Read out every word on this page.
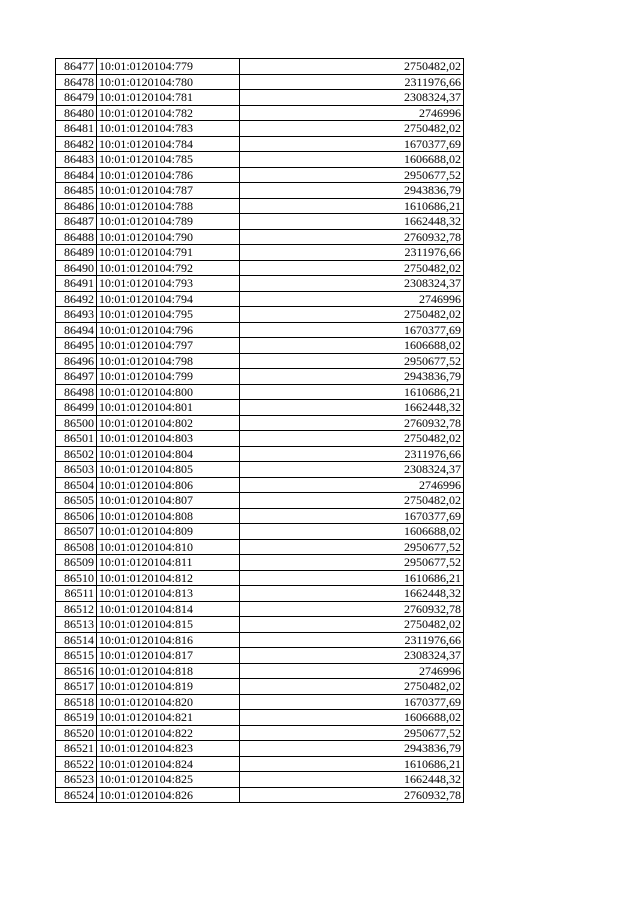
86477	10:01:0120104:779	2750482,02
86478	10:01:0120104:780	2311976,66
86479	10:01:0120104:781	2308324,37
86480	10:01:0120104:782	2746996
86481	10:01:0120104:783	2750482,02
86482	10:01:0120104:784	1670377,69
86483	10:01:0120104:785	1606688,02
86484	10:01:0120104:786	2950677,52
86485	10:01:0120104:787	2943836,79
86486	10:01:0120104:788	1610686,21
86487	10:01:0120104:789	1662448,32
86488	10:01:0120104:790	2760932,78
86489	10:01:0120104:791	2311976,66
86490	10:01:0120104:792	2750482,02
86491	10:01:0120104:793	2308324,37
86492	10:01:0120104:794	2746996
86493	10:01:0120104:795	2750482,02
86494	10:01:0120104:796	1670377,69
86495	10:01:0120104:797	1606688,02
86496	10:01:0120104:798	2950677,52
86497	10:01:0120104:799	2943836,79
86498	10:01:0120104:800	1610686,21
86499	10:01:0120104:801	1662448,32
86500	10:01:0120104:802	2760932,78
86501	10:01:0120104:803	2750482,02
86502	10:01:0120104:804	2311976,66
86503	10:01:0120104:805	2308324,37
86504	10:01:0120104:806	2746996
86505	10:01:0120104:807	2750482,02
86506	10:01:0120104:808	1670377,69
86507	10:01:0120104:809	1606688,02
86508	10:01:0120104:810	2950677,52
86509	10:01:0120104:811	2950677,52
86510	10:01:0120104:812	1610686,21
86511	10:01:0120104:813	1662448,32
86512	10:01:0120104:814	2760932,78
86513	10:01:0120104:815	2750482,02
86514	10:01:0120104:816	2311976,66
86515	10:01:0120104:817	2308324,37
86516	10:01:0120104:818	2746996
86517	10:01:0120104:819	2750482,02
86518	10:01:0120104:820	1670377,69
86519	10:01:0120104:821	1606688,02
86520	10:01:0120104:822	2950677,52
86521	10:01:0120104:823	2943836,79
86522	10:01:0120104:824	1610686,21
86523	10:01:0120104:825	1662448,32
86524	10:01:0120104:826	2760932,78
